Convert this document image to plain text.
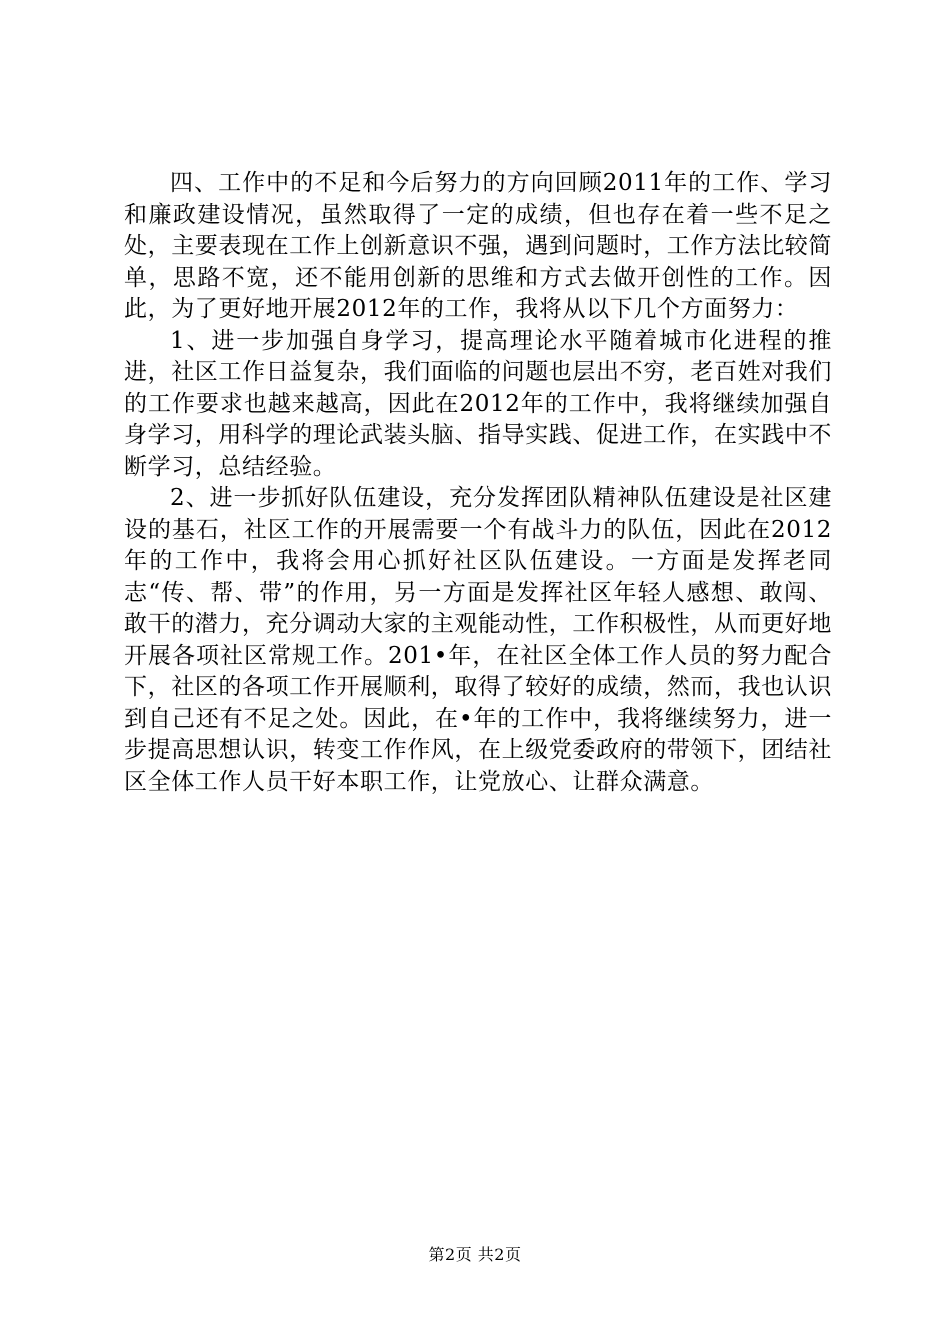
四、工作中的不足和今后努力的方向回顾2011年的工作、学习和廉政建设情况，虽然取得了一定的成绩，但也存在着一些不足之处，主要表现在工作上创新意识不强，遇到问题时，工作方法比较简单，思路不宽，还不能用创新的思维和方式去做开创性的工作。因此，为了更好地开展2012年的工作，我将从以下几个方面努力：

1、进一步加强自身学习，提高理论水平随着城市化进程的推进，社区工作日益复杂，我们面临的问题也层出不穷，老百姓对我们的工作要求也越来越高，因此在2012年的工作中，我将继续加强自身学习，用科学的理论武装头脑、指导实践、促进工作，在实践中不断学习，总结经验。

2、进一步抓好队伍建设，充分发挥团队精神队伍建设是社区建设的基石，社区工作的开展需要一个有战斗力的队伍，因此在2012年的工作中，我将会用心抓好社区队伍建设。一方面是发挥老同志“传、帮、带”的作用，另一方面是发挥社区年轻人感想、敢闯、敢干的潜力，充分调动大家的主观能动性，工作积极性，从而更好地开展各项社区常规工作。201•年，在社区全体工作人员的努力配合下，社区的各项工作开展顺利，取得了较好的成绩，然而，我也认识到自己还有不足之处。因此，在•年的工作中，我将继续努力，进一步提高思想认识，转变工作作风，在上级党委政府的带领下，团结社区全体工作人员干好本职工作，让党放心、让群众满意。

第2页 共2页
